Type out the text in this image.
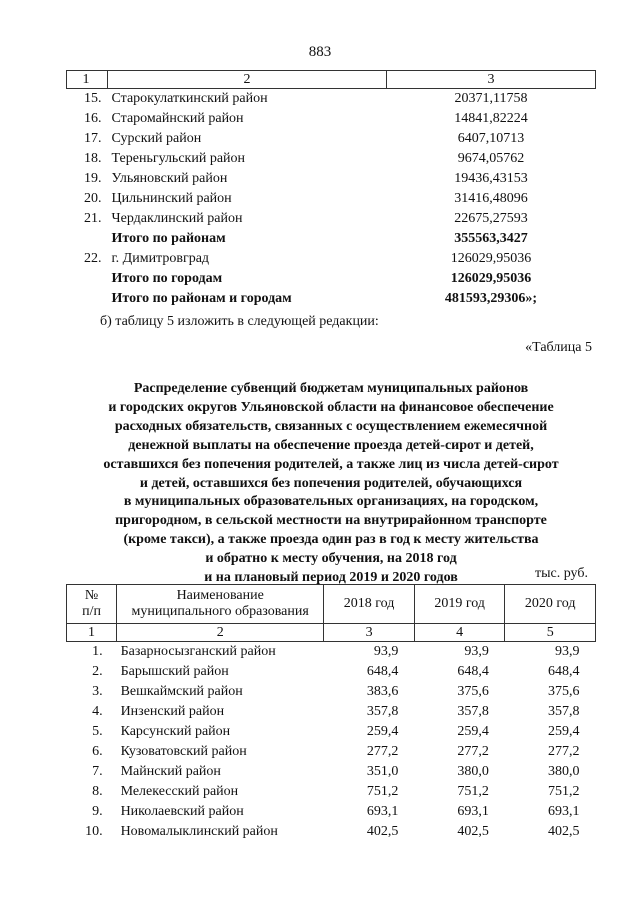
883
1	2	3
15.	Старокулаткинский район	20371,11758
16.	Старомайнский район	14841,82224
17.	Сурский район	6407,10713
18.	Тереньгульский район	9674,05762
19.	Ульяновский район	19436,43153
20.	Цильнинский район	31416,48096
21.	Чердаклинский район	22675,27593
	Итого по районам	355563,3427
22.	г. Димитровград	126029,95036
	Итого по городам	126029,95036
	Итого по районам и городам	481593,29306»;
б) таблицу 5 изложить в следующей редакции:
«Таблица 5
Распределение субвенций бюджетам муниципальных районов
и городских округов Ульяновской области на финансовое обеспечение
расходных обязательств, связанных с осуществлением ежемесячной
денежной выплаты на обеспечение проезда детей-сирот и детей,
оставшихся без попечения родителей, а также лиц из числа детей-сирот
и детей, оставшихся без попечения родителей, обучающихся
в муниципальных образовательных организациях, на городском,
пригородном, в сельской местности на внутрирайонном транспорте
(кроме такси), а также проезда один раз в год к месту жительства
и обратно к месту обучения, на 2018 год
и на плановый период 2019 и 2020 годов	тыс. руб.
№
п/п	Наименование
муниципального образования	2018 год	2019 год	2020 год
1	2	3	4	5
1.	Базарносызганский район	93,9	93,9	93,9
2.	Барышский район	648,4	648,4	648,4
3.	Вешкаймский район	383,6	375,6	375,6
4.	Инзенский район	357,8	357,8	357,8
5.	Карсунский район	259,4	259,4	259,4
6.	Кузоватовский район	277,2	277,2	277,2
7.	Майнский район	351,0	380,0	380,0
8.	Мелекесский район	751,2	751,2	751,2
9.	Николаевский район	693,1	693,1	693,1
10.	Новомалыклинский район	402,5	402,5	402,5
